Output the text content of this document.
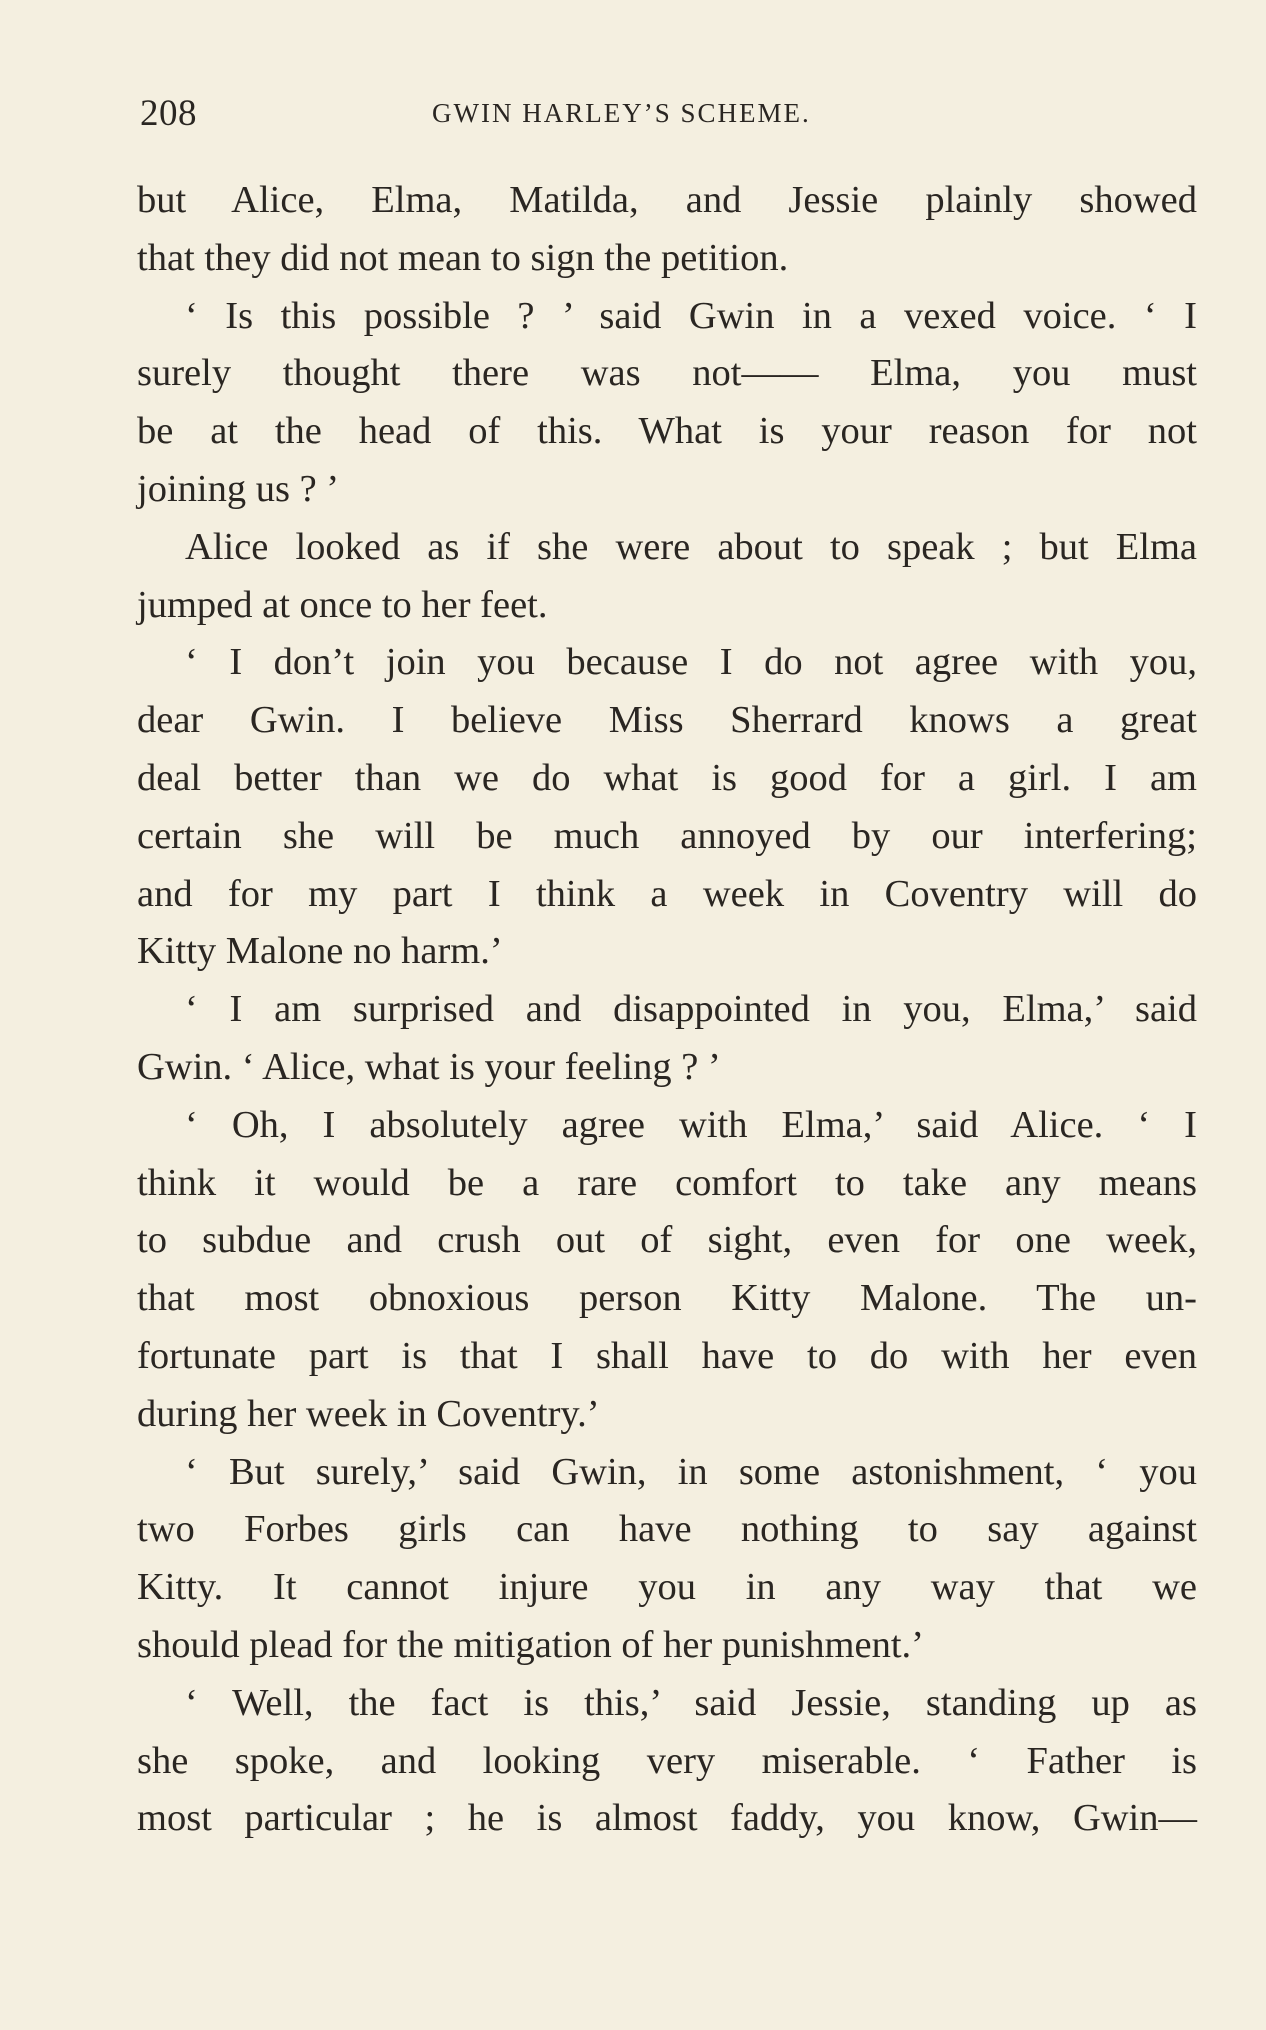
208	GWIN HARLEY’S SCHEME.
but Alice, Elma, Matilda, and Jessie plainly showed
that they did not mean to sign the petition.
‘ Is this possible ? ’ said Gwin in a vexed voice. ‘ I
surely thought there was not—— Elma, you must
be at the head of this. What is your reason for not
joining us ? ’
Alice looked as if she were about to speak ; but Elma
jumped at once to her feet.
‘ I don’t join you because I do not agree with you,
dear Gwin. I believe Miss Sherrard knows a great
deal better than we do what is good for a girl. I am
certain she will be much annoyed by our interfering;
and for my part I think a week in Coventry will do
Kitty Malone no harm.’
‘ I am surprised and disappointed in you, Elma,’ said
Gwin. ‘ Alice, what is your feeling ? ’
‘ Oh, I absolutely agree with Elma,’ said Alice. ‘ I
think it would be a rare comfort to take any means
to subdue and crush out of sight, even for one week,
that most obnoxious person Kitty Malone. The un-
fortunate part is that I shall have to do with her even
during her week in Coventry.’
‘ But surely,’ said Gwin, in some astonishment, ‘ you
two Forbes girls can have nothing to say against
Kitty. It cannot injure you in any way that we
should plead for the mitigation of her punishment.’
‘ Well, the fact is this,’ said Jessie, standing up as
she spoke, and looking very miserable. ‘ Father is
most particular ; he is almost faddy, you know, Gwin—
